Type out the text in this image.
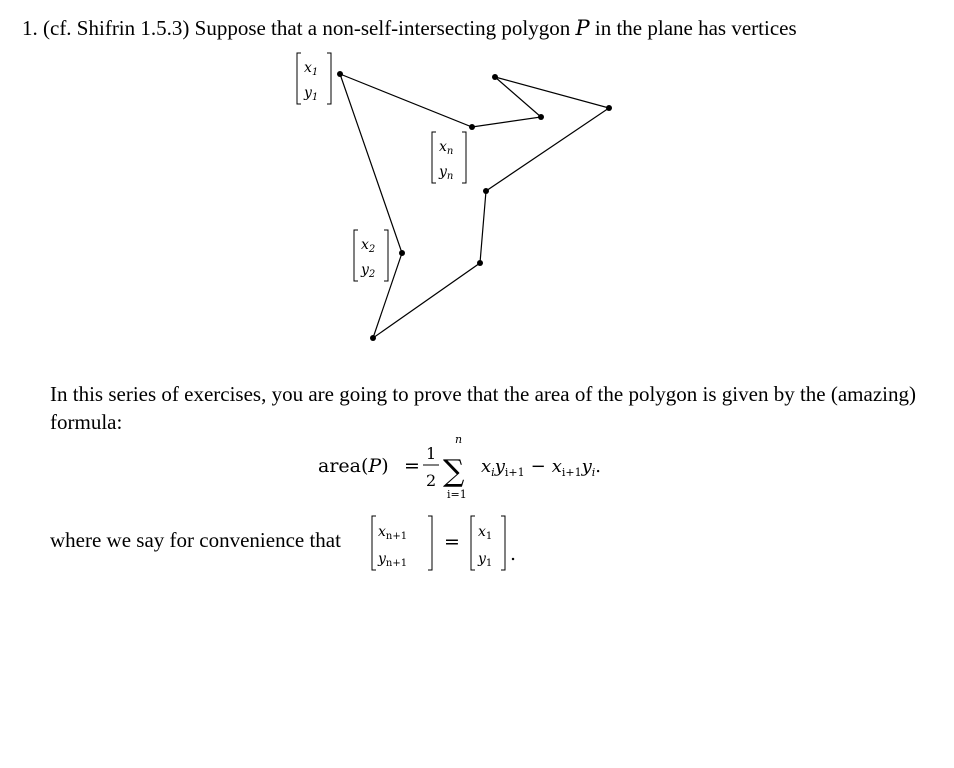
1. (cf. Shifrin 1.5.3) Suppose that a non-self-intersecting polygon P in the plane has vertices
$x_1$
$y_1$
$x_n$
$y_n$
$x_2$
$y_2$
area(P) =
1
2
n
∑
i=1
$x_iy_{i+1} - x_{i+1}y_i$.
$x_{n+1}$
$y_{n+1}$
= $x_1$
$y_1$ .
In this series of exercises, you are going to prove that the area of the polygon is given by the (amazing) formula:
where we say for convenience that
